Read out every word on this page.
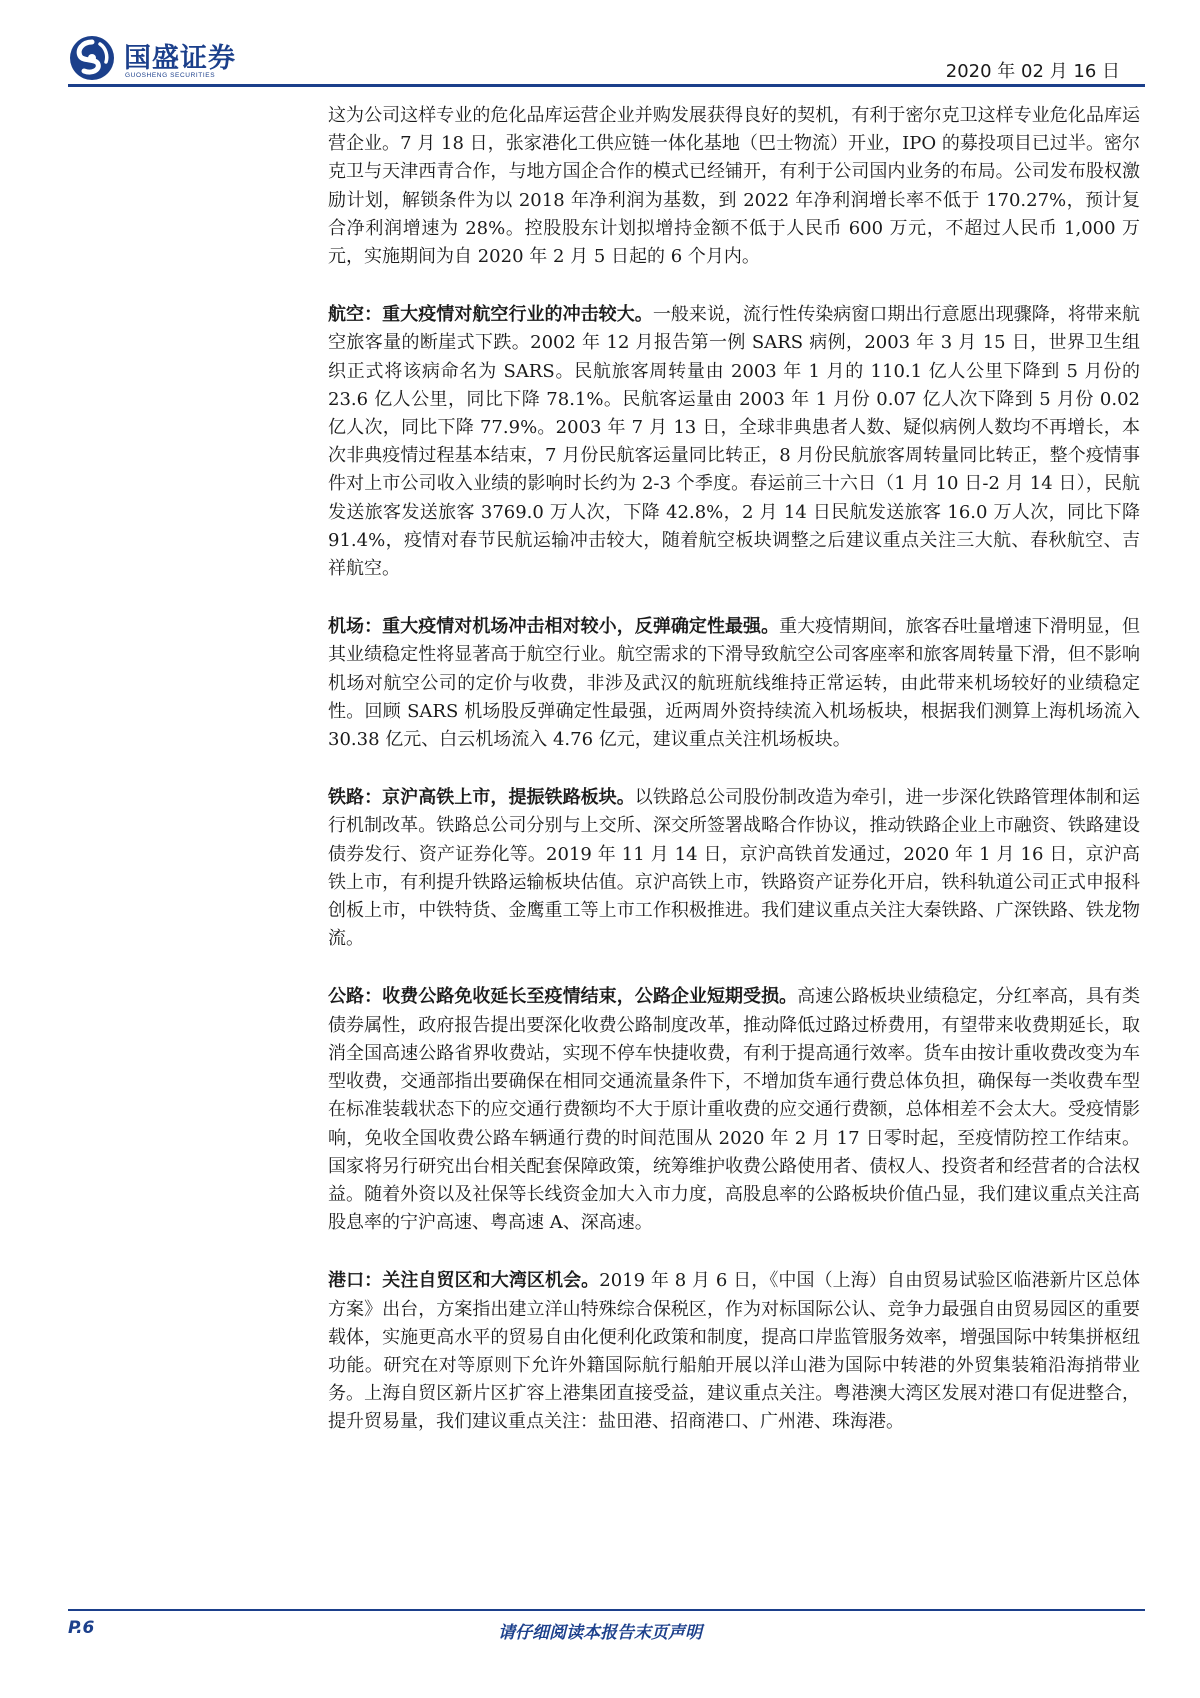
国盛证券
GUOSHENG SECURITIES	2020 年 02 月 16 日

这为公司这样专业的危化品库运营企业并购发展获得良好的契机，有利于密尔克卫这样专业危化品库运营企业。7 月 18 日，张家港化工供应链一体化基地（巴士物流）开业，IPO 的募投项目已过半。密尔克卫与天津西青合作，与地方国企合作的模式已经铺开，有利于公司国内业务的布局。公司发布股权激励计划，解锁条件为以 2018 年净利润为基数，到 2022 年净利润增长率不低于 170.27%，预计复合净利润增速为 28%。控股股东计划拟增持金额不低于人民币 600 万元，不超过人民币 1,000 万元，实施期间为自 2020 年 2 月 5 日起的 6 个月内。

航空：重大疫情对航空行业的冲击较大。一般来说，流行性传染病窗口期出行意愿出现骤降，将带来航空旅客量的断崖式下跌。2002 年 12 月报告第一例 SARS 病例，2003 年 3 月 15 日，世界卫生组织正式将该病命名为 SARS。民航旅客周转量由 2003 年 1 月的 110.1 亿人公里下降到 5 月份的 23.6 亿人公里，同比下降 78.1%。民航客运量由 2003 年 1 月份 0.07 亿人次下降到 5 月份 0.02 亿人次，同比下降 77.9%。2003 年 7 月 13 日，全球非典患者人数、疑似病例人数均不再增长，本次非典疫情过程基本结束，7 月份民航客运量同比转正，8 月份民航旅客周转量同比转正，整个疫情事件对上市公司收入业绩的影响时长约为 2-3 个季度。春运前三十六日（1 月 10 日-2 月 14 日），民航发送旅客发送旅客 3769.0 万人次，下降 42.8%，2 月 14 日民航发送旅客 16.0 万人次，同比下降 91.4%，疫情对春节民航运输冲击较大，随着航空板块调整之后建议重点关注三大航、春秋航空、吉祥航空。

机场：重大疫情对机场冲击相对较小，反弹确定性最强。重大疫情期间，旅客吞吐量增速下滑明显，但其业绩稳定性将显著高于航空行业。航空需求的下滑导致航空公司客座率和旅客周转量下滑，但不影响机场对航空公司的定价与收费，非涉及武汉的航班航线维持正常运转，由此带来机场较好的业绩稳定性。回顾 SARS 机场股反弹确定性最强，近两周外资持续流入机场板块，根据我们测算上海机场流入 30.38 亿元、白云机场流入 4.76 亿元，建议重点关注机场板块。

铁路：京沪高铁上市，提振铁路板块。以铁路总公司股份制改造为牵引，进一步深化铁路管理体制和运行机制改革。铁路总公司分别与上交所、深交所签署战略合作协议，推动铁路企业上市融资、铁路建设债券发行、资产证券化等。2019 年 11 月 14 日，京沪高铁首发通过，2020 年 1 月 16 日，京沪高铁上市，有利提升铁路运输板块估值。京沪高铁上市，铁路资产证券化开启，铁科轨道公司正式申报科创板上市，中铁特货、金鹰重工等上市工作积极推进。我们建议重点关注大秦铁路、广深铁路、铁龙物流。

公路：收费公路免收延长至疫情结束，公路企业短期受损。高速公路板块业绩稳定，分红率高，具有类债券属性，政府报告提出要深化收费公路制度改革，推动降低过路过桥费用，有望带来收费期延长，取消全国高速公路省界收费站，实现不停车快捷收费，有利于提高通行效率。货车由按计重收费改变为车型收费，交通部指出要确保在相同交通流量条件下，不增加货车通行费总体负担，确保每一类收费车型在标准装载状态下的应交通行费额均不大于原计重收费的应交通行费额，总体相差不会太大。受疫情影响，免收全国收费公路车辆通行费的时间范围从 2020 年 2 月 17 日零时起，至疫情防控工作结束。国家将另行研究出台相关配套保障政策，统筹维护收费公路使用者、债权人、投资者和经营者的合法权益。随着外资以及社保等长线资金加大入市力度，高股息率的公路板块价值凸显，我们建议重点关注高股息率的宁沪高速、粤高速 A、深高速。

港口：关注自贸区和大湾区机会。2019 年 8 月 6 日，《中国（上海）自由贸易试验区临港新片区总体方案》出台，方案指出建立洋山特殊综合保税区，作为对标国际公认、竞争力最强自由贸易园区的重要载体，实施更高水平的贸易自由化便利化政策和制度，提高口岸监管服务效率，增强国际中转集拼枢纽功能。研究在对等原则下允许外籍国际航行船舶开展以洋山港为国际中转港的外贸集装箱沿海捎带业务。上海自贸区新片区扩容上港集团直接受益，建议重点关注。粤港澳大湾区发展对港口有促进整合，提升贸易量，我们建议重点关注：盐田港、招商港口、广州港、珠海港。

P.6	请仔细阅读本报告末页声明
